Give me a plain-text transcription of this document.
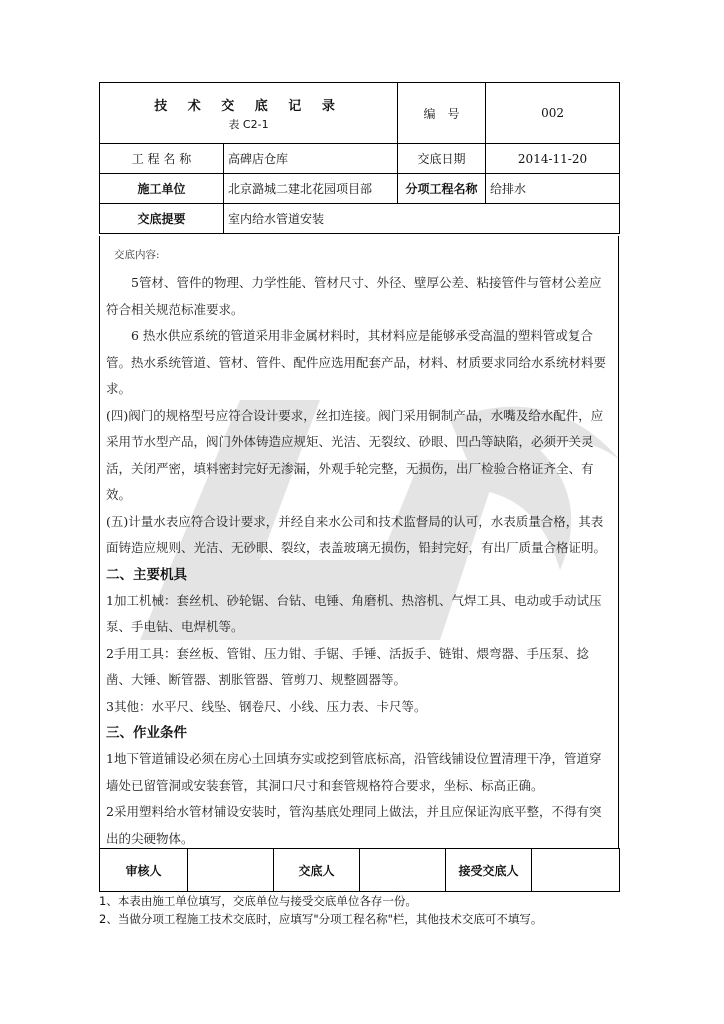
技 术 交 底 记 录
表 C2-1		编　号	002
工 程 名 称	高碑店仓库	交底日期	2014-11-20
施工单位	北京潞城二建北花园项目部	分项工程名称	给排水
交底提要	室内给水管道安装		

交底内容:

5管材、管件的物理、力学性能、管材尺寸、外径、壁厚公差、粘接管件与管材公差应符合相关规范标准要求。

6 热水供应系统的管道采用非金属材料时，其材料应是能够承受高温的塑料管或复合管。热水系统管道、管材、管件、配件应选用配套产品，材料、材质要求同给水系统材料要求。

(四)阀门的规格型号应符合设计要求，丝扣连接。阀门采用铜制产品，水嘴及给水配件，应采用节水型产品，阀门外体铸造应规矩、光洁、无裂纹、砂眼、凹凸等缺陷，必须开关灵活，关闭严密，填料密封完好无渗漏，外观手轮完整，无损伤，出厂检验合格证齐全、有效。

(五)计量水表应符合设计要求，并经自来水公司和技术监督局的认可，水表质量合格，其表面铸造应规则、光洁、无砂眼、裂纹，表盖玻璃无损伤，铅封完好，有出厂质量合格证明。

二、主要机具

1加工机械：套丝机、砂轮锯、台钻、电锤、角磨机、热溶机、气焊工具、电动或手动试压泵、手电钻、电焊机等。

2手用工具：套丝板、管钳、压力钳、手锯、手锤、活扳手、链钳、煨弯器、手压泵、捻凿、大锤、断管器、割胀管器、管剪刀、规整圆器等。

3其他：水平尺、线坠、钢卷尺、小线、压力表、卡尺等。

三、作业条件

1地下管道铺设必须在房心土回填夯实或挖到管底标高，沿管线铺设位置清理干净，管道穿墙处已留管洞或安装套管，其洞口尺寸和套管规格符合要求，坐标、标高正确。

2采用塑料给水管材铺设安装时，管沟基底处理同上做法，并且应保证沟底平整，不得有突出的尖硬物体。

审核人		交底人		接受交底人	
1、本表由施工单位填写，交底单位与接受交底单位各存一份。
2、当做分项工程施工技术交底时，应填写"分项工程名称"栏，其他技术交底可不填写。
